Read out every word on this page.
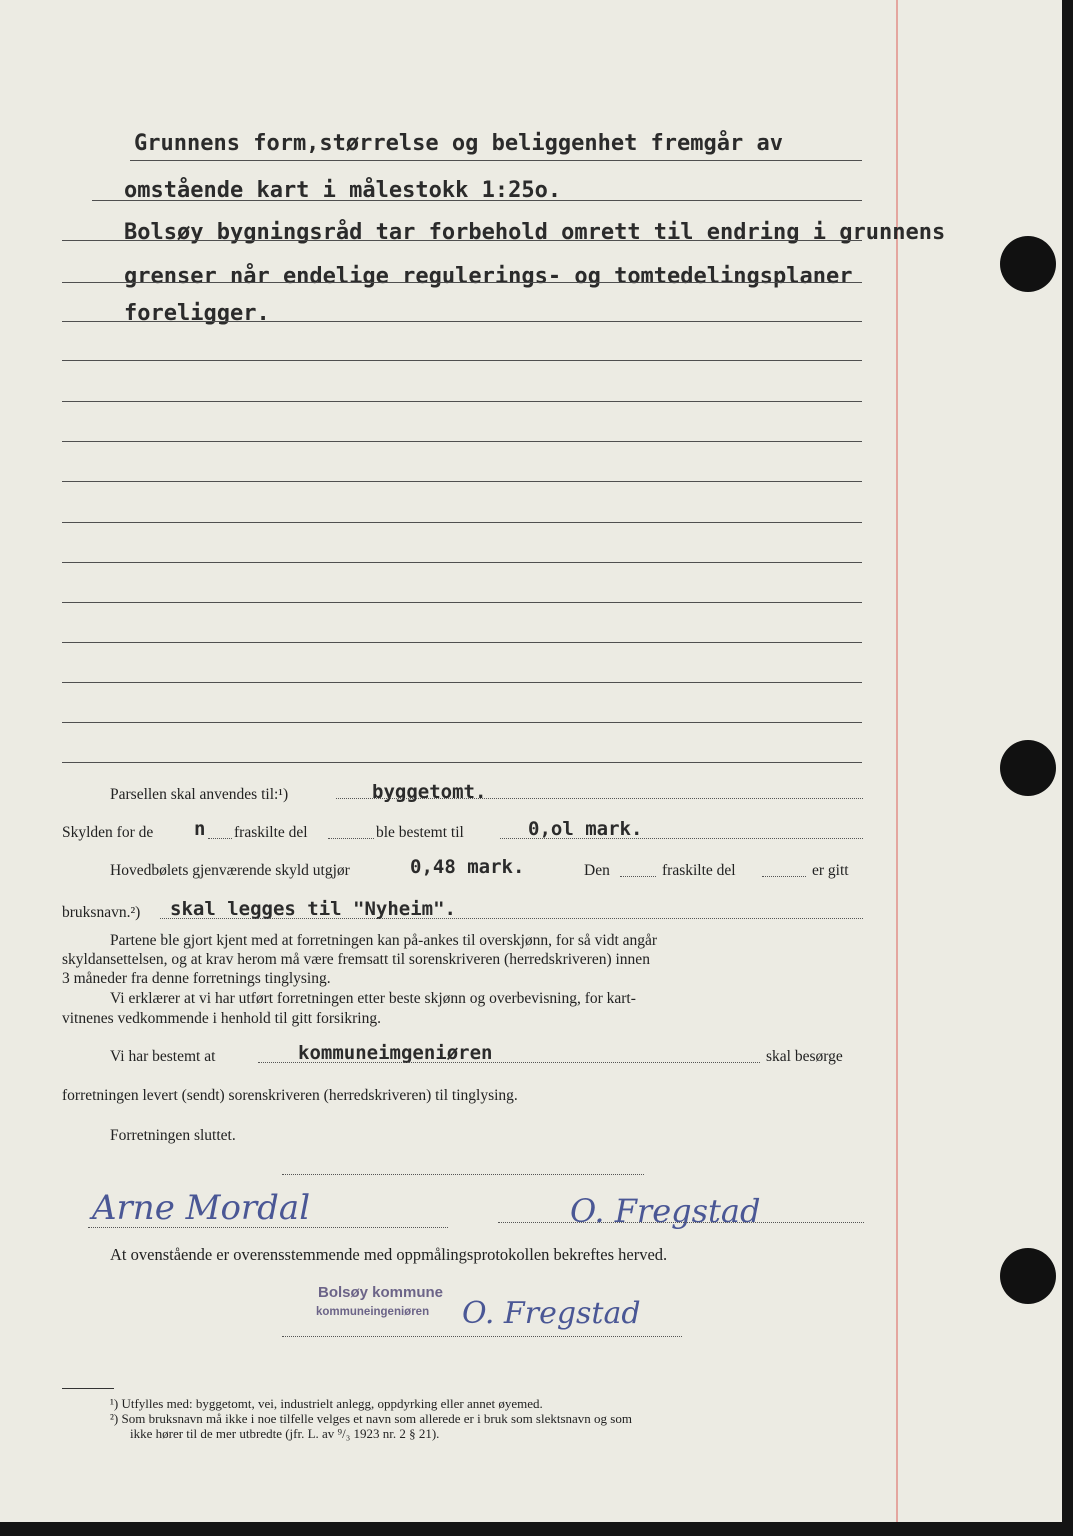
Grunnens form,størrelse og beliggenhet fremgår av

omstående kart i målestokk 1:25o.

Bolsøy bygningsråd tar forbehold omrett til endring i grunnens

grenser når endelige regulerings- og tomtedelingsplaner

foreligger.

Parsellen skal anvendes til:¹)	byggetomt.

Skylden for de n fraskilte del	ble bestemt til	0,ol mark.

Hovedbølets gjenværende skyld utgjør	0,48 mark.	Den	fraskilte del	er gitt

bruksnavn.²) skal legges til "Nyheim".

Partene ble gjort kjent med at forretningen kan på-ankes til overskjønn, for så vidt angår

skyldansettelsen, og at krav herom må være fremsatt til sorenskriveren (herredskriveren) innen

3 måneder fra denne forretnings tinglysing.

Vi erklærer at vi har utført forretningen etter beste skjønn og overbevisning, for kart-

vitnenes vedkommende i henhold til gitt forsikring.

Vi har bestemt at	kommuneimgeniøren	skal besørge

forretningen levert (sendt) sorenskriveren (herredskriveren) til tinglysing.

Forretningen sluttet.

Arne Mordal	O. Fregstad

At ovenstående er overensstemmende med oppmålingsprotokollen bekreftes herved.

Bolsøy kommune

kommuneingeniøren O. Fregstad

¹) Utfylles med: byggetomt, vei, industrielt anlegg, oppdyrking eller annet øyemed.

²) Som bruksnavn må ikke i noe tilfelle velges et navn som allerede er i bruk som slektsnavn og som

ikke hører til de mer utbredte (jfr. L. av ⁹/₃ 1923 nr. 2 § 21).
